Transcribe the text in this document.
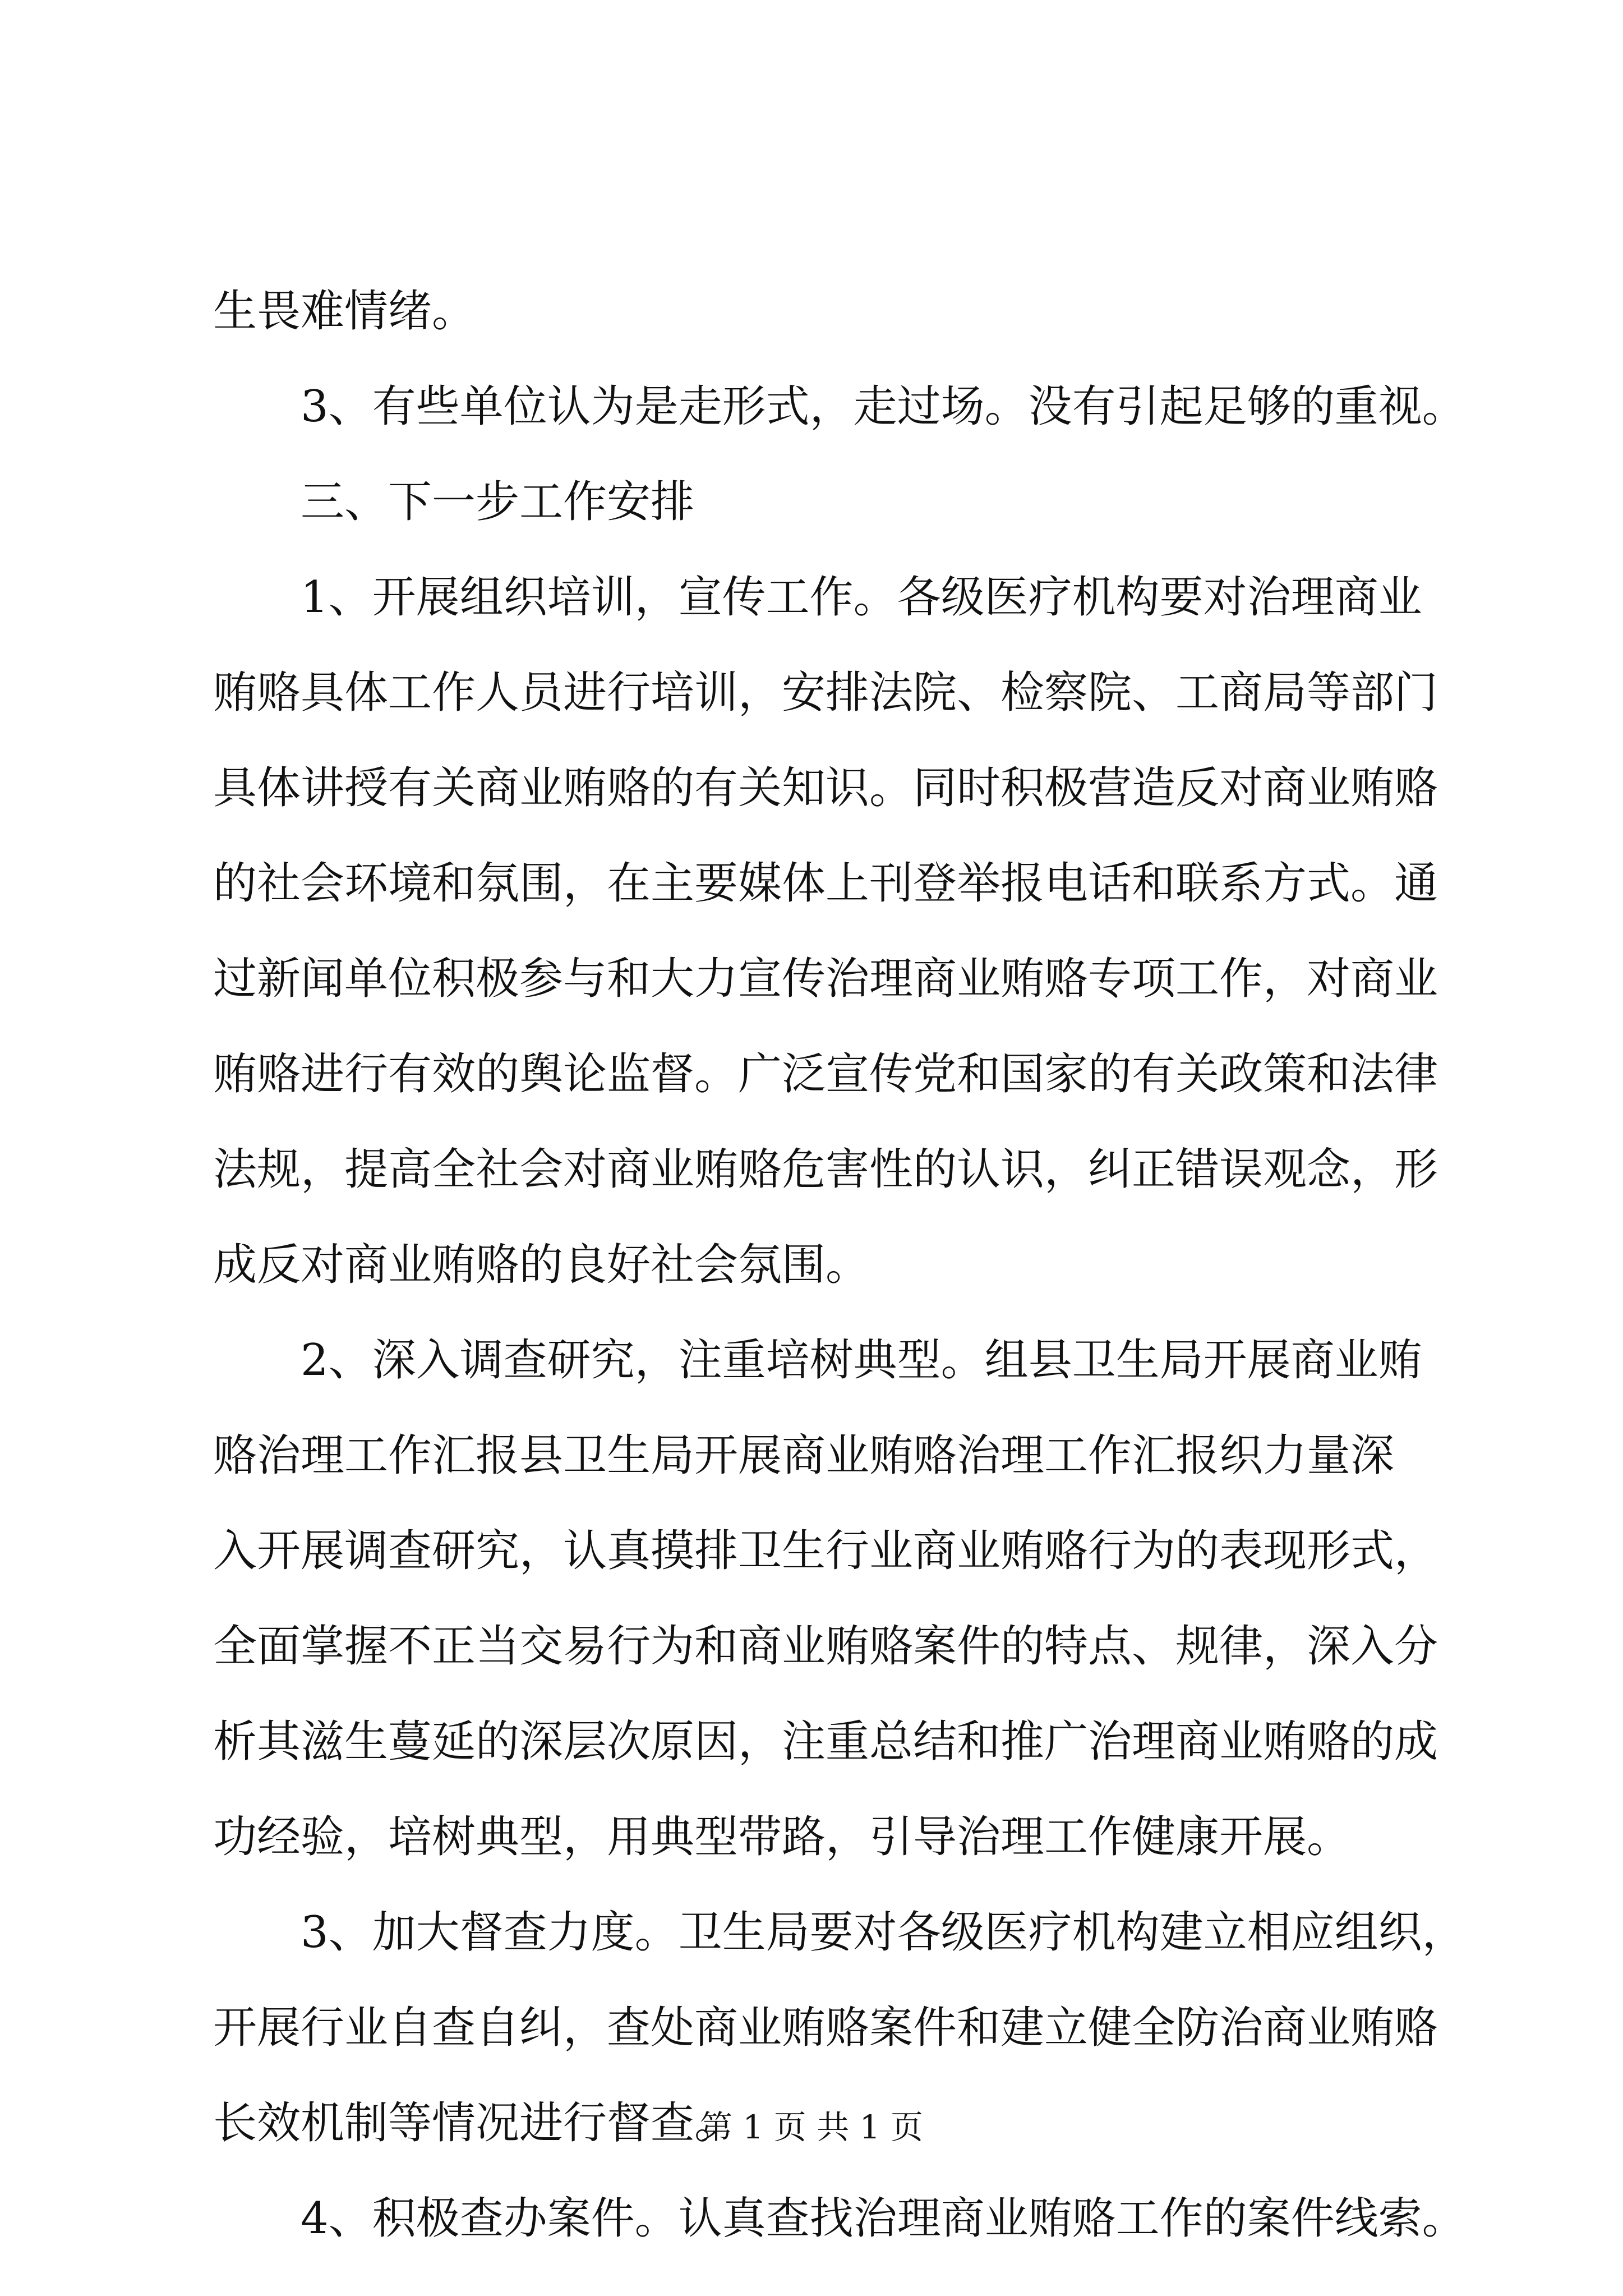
生畏难情绪。

3、有些单位认为是走形式，走过场。没有引起足够的重视。

三、下一步工作安排

1、开展组织培训，宣传工作。各级医疗机构要对治理商业

贿赂具体工作人员进行培训，安排法院、检察院、工商局等部门

具体讲授有关商业贿赂的有关知识。同时积极营造反对商业贿赂

的社会环境和氛围，在主要媒体上刊登举报电话和联系方式。通

过新闻单位积极参与和大力宣传治理商业贿赂专项工作，对商业

贿赂进行有效的舆论监督。广泛宣传党和国家的有关政策和法律

法规，提高全社会对商业贿赂危害性的认识，纠正错误观念，形

成反对商业贿赂的良好社会氛围。

2、深入调查研究，注重培树典型。组县卫生局开展商业贿

赂治理工作汇报县卫生局开展商业贿赂治理工作汇报织力量深

入开展调查研究，认真摸排卫生行业商业贿赂行为的表现形式，

全面掌握不正当交易行为和商业贿赂案件的特点、规律，深入分

析其滋生蔓延的深层次原因，注重总结和推广治理商业贿赂的成

功经验，培树典型，用典型带路，引导治理工作健康开展。

3、加大督查力度。卫生局要对各级医疗机构建立相应组织，

开展行业自查自纠，查处商业贿赂案件和建立健全防治商业贿赂

长效机制等情况进行督查。

4、积极查办案件。认真查找治理商业贿赂工作的案件线索。

第 1 页 共 1 页
